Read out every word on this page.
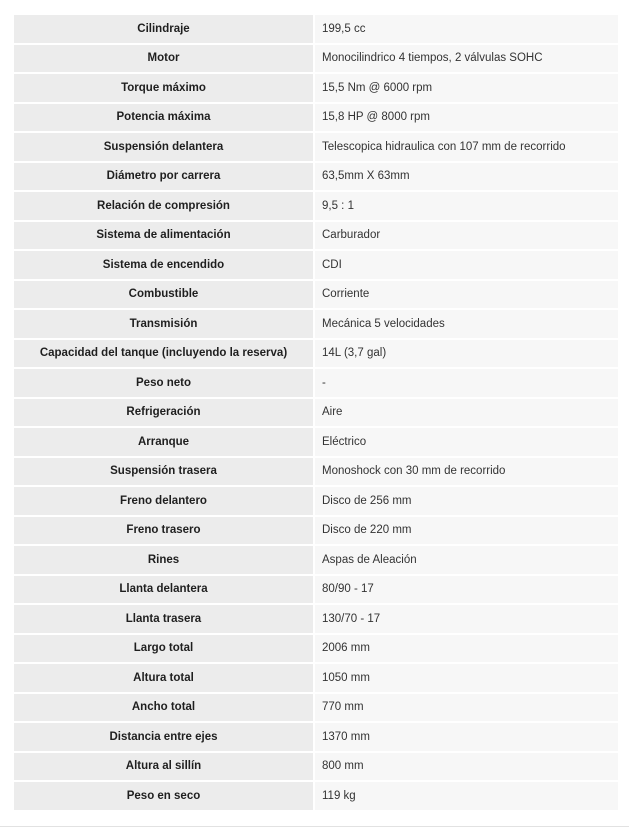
Cilindraje	199,5 cc
Motor	Monocilindrico 4 tiempos, 2 válvulas SOHC
Torque máximo	15,5 Nm @ 6000 rpm
Potencia máxima	15,8 HP @ 8000 rpm
Suspensión delantera	Telescopica hidraulica con 107 mm de recorrido
Diámetro por carrera	63,5mm X 63mm
Relación de compresión	9,5 : 1
Sistema de alimentación	Carburador
Sistema de encendido	CDI
Combustible	Corriente
Transmisión	Mecánica 5 velocidades
Capacidad del tanque (incluyendo la reserva)	14L (3,7 gal)
Peso neto	-
Refrigeración	Aire
Arranque	Eléctrico
Suspensión trasera	Monoshock con 30 mm de recorrido
Freno delantero	Disco de 256 mm
Freno trasero	Disco de 220 mm
Rines	Aspas de Aleación
Llanta delantera	80/90 - 17
Llanta trasera	130/70 - 17
Largo total	2006 mm
Altura total	1050 mm
Ancho total	770 mm
Distancia entre ejes	1370 mm
Altura al sillín	800 mm
Peso en seco	119 kg
